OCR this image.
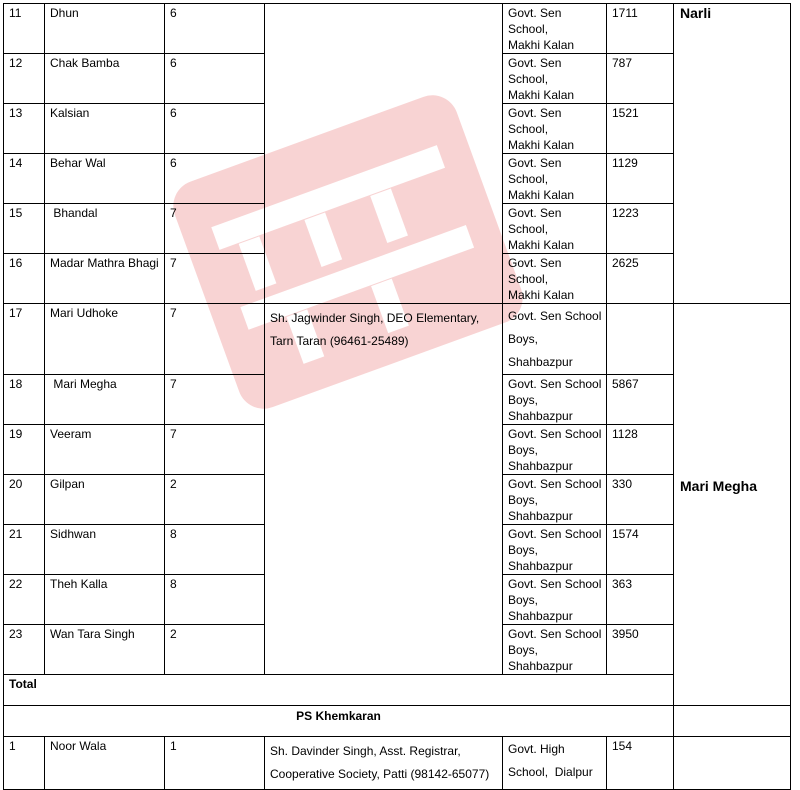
11	Dhun	6		Govt. Sen School,
Makhi Kalan	1711	Narli
12	Chak Bamba	6		Govt. Sen School,
Makhi Kalan	787	
13	Kalsian	6		Govt. Sen School,
Makhi Kalan	1521	
14	Behar Wal	6		Govt. Sen School,
Makhi Kalan	1129	
15	Bhandal	7		Govt. Sen School,
Makhi Kalan	1223	
16	Madar Mathra Bhagi	7		Govt. Sen School,
Makhi Kalan	2625	
17	Mari Udhoke	7	Sh. Jagwinder Singh, DEO Elementary, Tarn Taran (96461-25489)	Govt. Sen School
Boys, Shahbazpur		Mari Megha
18	Mari Megha	7		Govt. Sen School
Boys, Shahbazpur	5867	
19	Veeram	7		Govt. Sen School
Boys, Shahbazpur	1128	
20	Gilpan	2		Govt. Sen School
Boys, Shahbazpur	330	
21	Sidhwan	8		Govt. Sen School
Boys, Shahbazpur	1574	
22	Theh Kalla	8		Govt. Sen School
Boys, Shahbazpur	363	
23	Wan Tara Singh	2		Govt. Sen School
Boys, Shahbazpur	3950	
Total						
PS Khemkaran						
1	Noor Wala	1	Sh. Davinder Singh, Asst. Registrar,
Cooperative Society, Patti (98142-65077)	Govt. High
School,  Dialpur	154	
